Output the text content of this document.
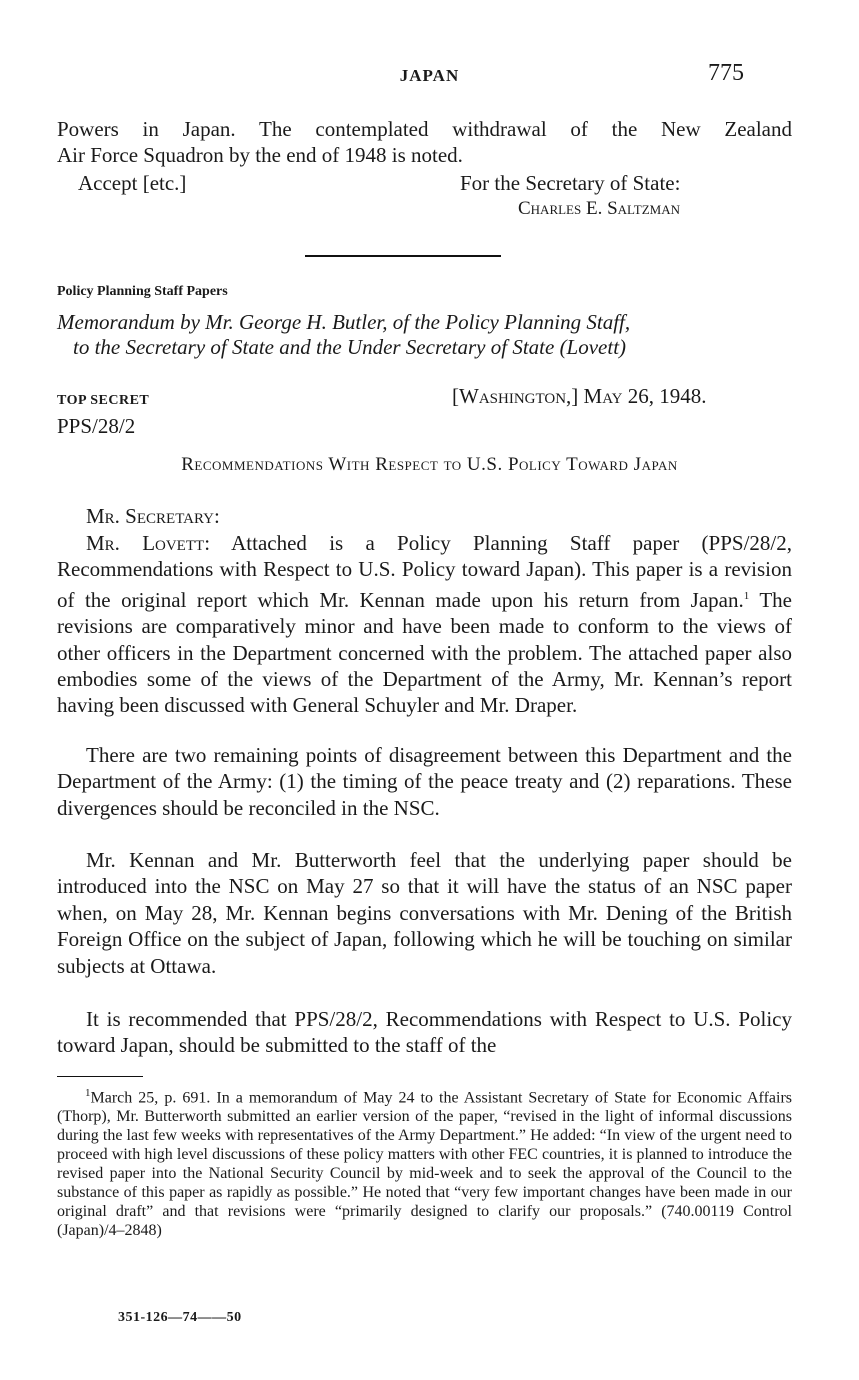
JAPAN	775
Powers in Japan. The contemplated withdrawal of the New Zealand
Air Force Squadron by the end of 1948 is noted.
Accept [etc.]	For the Secretary of State:
Charles E. Saltzman
Policy Planning Staff Papers
Memorandum by Mr. George H. Butler, of the Policy Planning Staff,
to the Secretary of State and the Under Secretary of State (Lovett)
TOP SECRET	[Washington,] May 26, 1948.
PPS/28/2
Recommendations With Respect to U.S. Policy Toward Japan
Mr. Secretary:
Mr. Lovett: Attached is a Policy Planning Staff paper (PPS/28/2, Recommendations with Respect to U.S. Policy toward Japan). This paper is a revision of the original report which Mr. Kennan made upon his return from Japan.$^1$ The revisions are comparatively minor and have been made to conform to the views of other officers in the Department concerned with the problem. The attached paper also embodies some of the views of the Department of the Army, Mr. Kennan’s report having been discussed with General Schuyler and Mr. Draper.
There are two remaining points of disagreement between this Department and the Department of the Army: (1) the timing of the peace treaty and (2) reparations. These divergences should be reconciled in the NSC.
Mr. Kennan and Mr. Butterworth feel that the underlying paper should be introduced into the NSC on May 27 so that it will have the status of an NSC paper when, on May 28, Mr. Kennan begins conversations with Mr. Dening of the British Foreign Office on the subject of Japan, following which he will be touching on similar subjects at Ottawa.
It is recommended that PPS/28/2, Recommendations with Respect to U.S. Policy toward Japan, should be submitted to the staff of the
$^1$March 25, p. 691. In a memorandum of May 24 to the Assistant Secretary of State for Economic Affairs (Thorp), Mr. Butterworth submitted an earlier version of the paper, “revised in the light of informal discussions during the last few weeks with representatives of the Army Department.” He added: “In view of the urgent need to proceed with high level discussions of these policy matters with other FEC countries, it is planned to introduce the revised paper into the National Security Council by mid-week and to seek the approval of the Council to the substance of this paper as rapidly as possible.” He noted that “very few important changes have been made in our original draft” and that revisions were “primarily designed to clarify our proposals.” (740.00119 Control (Japan)/4–2848)
351-126—74——50
